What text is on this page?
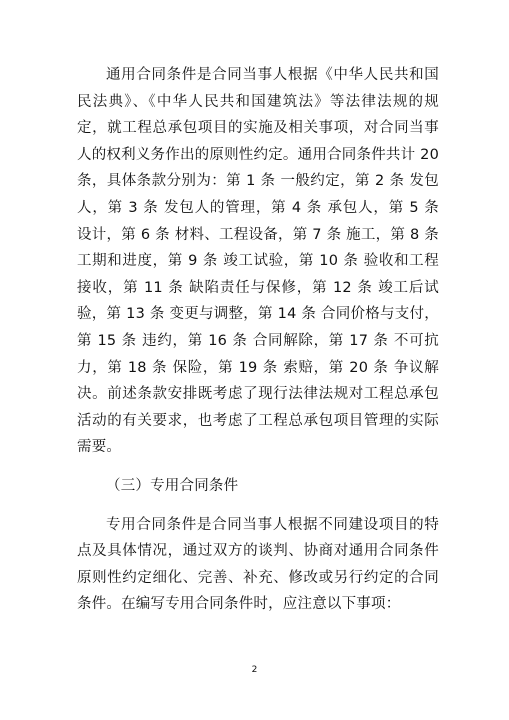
通用合同条件是合同当事人根据《中华人民共和国民法典》、《中华人民共和国建筑法》等法律法规的规定，就工程总承包项目的实施及相关事项，对合同当事人的权利义务作出的原则性约定。通用合同条件共计 20 条，具体条款分别为：第 1 条 一般约定，第 2 条 发包人，第 3 条 发包人的管理，第 4 条 承包人，第 5 条 设计，第 6 条 材料、工程设备，第 7 条 施工，第 8 条 工期和进度，第 9 条 竣工试验，第 10 条 验收和工程接收，第 11 条 缺陷责任与保修，第 12 条 竣工后试验，第 13 条 变更与调整，第 14 条 合同价格与支付，第 15 条 违约，第 16 条 合同解除，第 17 条 不可抗力，第 18 条 保险，第 19 条 索赔，第 20 条 争议解决。前述条款安排既考虑了现行法律法规对工程总承包活动的有关要求，也考虑了工程总承包项目管理的实际需要。

（三）专用合同条件

专用合同条件是合同当事人根据不同建设项目的特点及具体情况，通过双方的谈判、协商对通用合同条件原则性约定细化、完善、补充、修改或另行约定的合同条件。在编写专用合同条件时，应注意以下事项：

2
